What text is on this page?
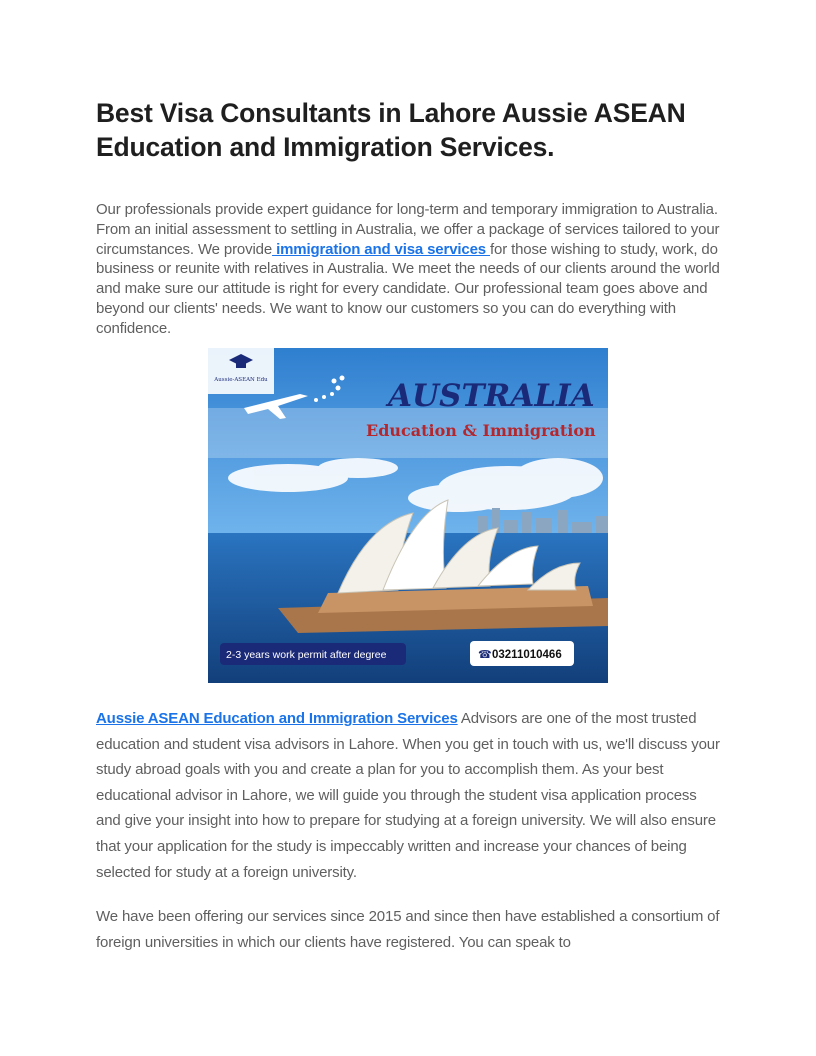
Best Visa Consultants in Lahore Aussie ASEAN Education and Immigration Services.

Our professionals provide expert guidance for long-term and temporary immigration to Australia. From an initial assessment to settling in Australia, we offer a package of services tailored to your circumstances. We provide immigration and visa services for those wishing to study, work, do business or reunite with relatives in Australia. We meet the needs of our clients around the world and make sure our attitude is right for every candidate. Our professional team goes above and beyond our clients' needs. We want to know our customers so you can do everything with confidence.

Aussie-ASEAN Edu	AUSTRALIA
Education & Immigration
2-3 years work permit after degree	☎ 03211010466

Aussie ASEAN Education and Immigration Services Advisors are one of the most trusted education and student visa advisors in Lahore. When you get in touch with us, we'll discuss your study abroad goals with you and create a plan for you to accomplish them. As your best educational advisor in Lahore, we will guide you through the student visa application process and give your insight into how to prepare for studying at a foreign university. We will also ensure that your application for the study is impeccably written and increase your chances of being selected for study at a foreign university.

We have been offering our services since 2015 and since then have established a consortium of foreign universities in which our clients have registered. You can speak to
